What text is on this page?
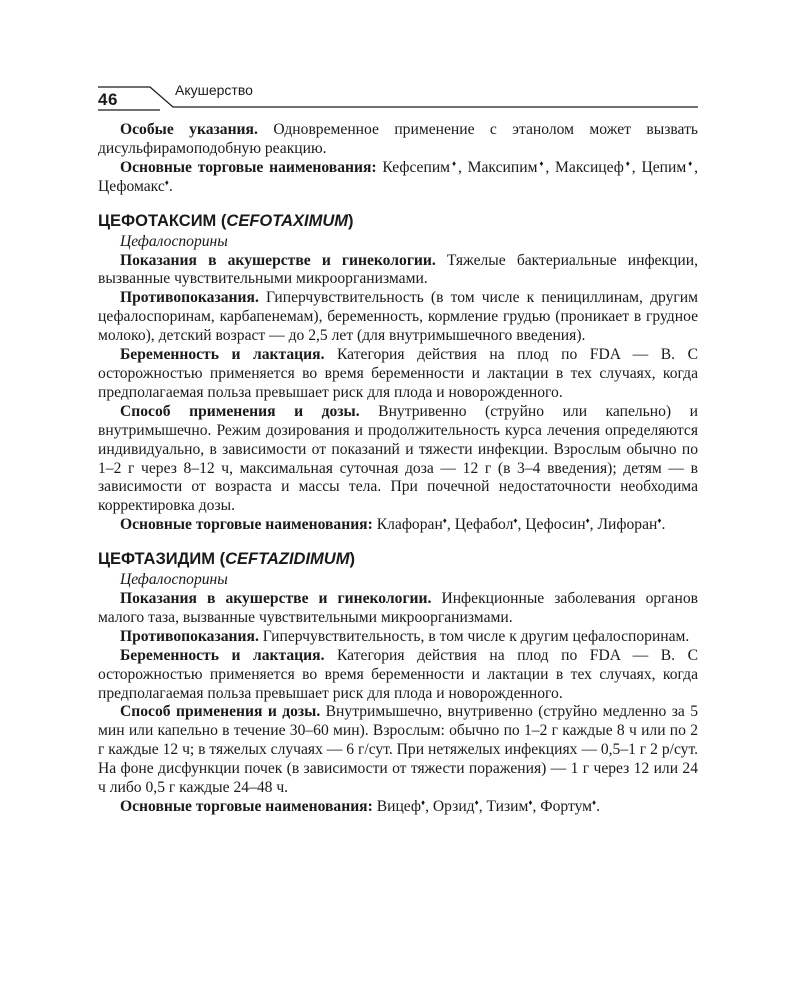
46	Акушерство

Особые указания. Одновременное применение с этанолом может вызвать дисульфирамоподобную реакцию.

Основные торговые наименования: Кефсепим♦, Максипим♦, Максицеф♦, Цепим♦, Цефомакс♦.

ЦЕФОТАКСИМ (CEFOTAXIMUM)

Цефалоспорины

Показания в акушерстве и гинекологии. Тяжелые бактериальные инфекции, вызванные чувствительными микроорганизмами.

Противопоказания. Гиперчувствительность (в том числе к пенициллинам, другим цефалоспоринам, карбапенемам), беременность, кормление грудью (проникает в грудное молоко), детский возраст — до 2,5 лет (для внутримышечного введения).

Беременность и лактация. Категория действия на плод по FDA — B. С осторожностью применяется во время беременности и лактации в тех случаях, когда предполагаемая польза превышает риск для плода и новорожденного.

Способ применения и дозы. Внутривенно (струйно или капельно) и внутримышечно. Режим дозирования и продолжительность курса лечения определяются индивидуально, в зависимости от показаний и тяжести инфекции. Взрослым обычно по 1–2 г через 8–12 ч, максимальная суточная доза — 12 г (в 3–4 введения); детям — в зависимости от возраста и массы тела. При почечной недостаточности необходима корректировка дозы.

Основные торговые наименования: Клафоран♦, Цефабол♦, Цефосин♦, Лифоран♦.

ЦЕФТАЗИДИМ (CEFTAZIDIMUM)

Цефалоспорины

Показания в акушерстве и гинекологии. Инфекционные заболевания органов малого таза, вызванные чувствительными микроорганизмами.

Противопоказания. Гиперчувствительность, в том числе к другим цефалоспоринам.

Беременность и лактация. Категория действия на плод по FDA — B. С осторожностью применяется во время беременности и лактации в тех случаях, когда предполагаемая польза превышает риск для плода и новорожденного.

Способ применения и дозы. Внутримышечно, внутривенно (струйно медленно за 5 мин или капельно в течение 30–60 мин). Взрослым: обычно по 1–2 г каждые 8 ч или по 2 г каждые 12 ч; в тяжелых случаях — 6 г/сут. При нетяжелых инфекциях — 0,5–1 г 2 р/сут. На фоне дисфункции почек (в зависимости от тяжести поражения) — 1 г через 12 или 24 ч либо 0,5 г каждые 24–48 ч.

Основные торговые наименования: Вицеф♦, Орзид♦, Тизим♦, Фортум♦.
